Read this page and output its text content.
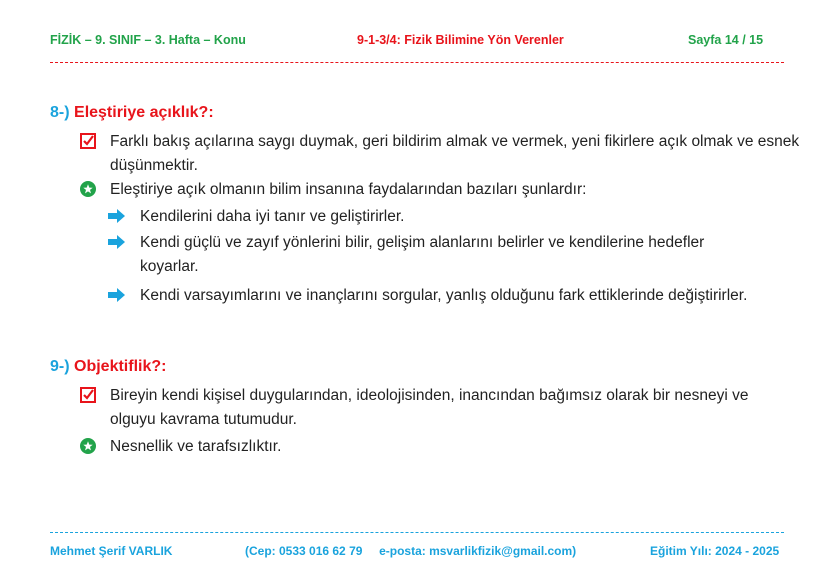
FİZİK – 9. SINIF – 3. Hafta – Konu	9-1-3/4: Fizik Bilimine Yön Verenler	Sayfa 14 / 15
8-) Eleştiriye açıklık?:
Farklı bakış açılarına saygı duymak, geri bildirim almak ve vermek, yeni fikirlere açık olmak ve esnek düşünmektir.
Eleştiriye açık olmanın bilim insanına faydalarından bazıları şunlardır:
Kendilerini daha iyi tanır ve geliştirirler.
Kendi güçlü ve zayıf yönlerini bilir, gelişim alanlarını belirler ve kendilerine hedefler koyarlar.
Kendi varsayımlarını ve inançlarını sorgular, yanlış olduğunu fark ettiklerinde değiştirirler.
9-) Objektiflik?:
Bireyin kendi kişisel duygularından, ideolojisinden, inancından bağımsız olarak bir nesneyi ve olguyu kavrama tutumudur.
Nesnellik ve tarafsızlıktır.
Mehmet Şerif VARLIK	(Cep: 0533 016 62 79     e-posta: msvarlikfizik@gmail.com)	Eğitim Yılı: 2024 - 2025
